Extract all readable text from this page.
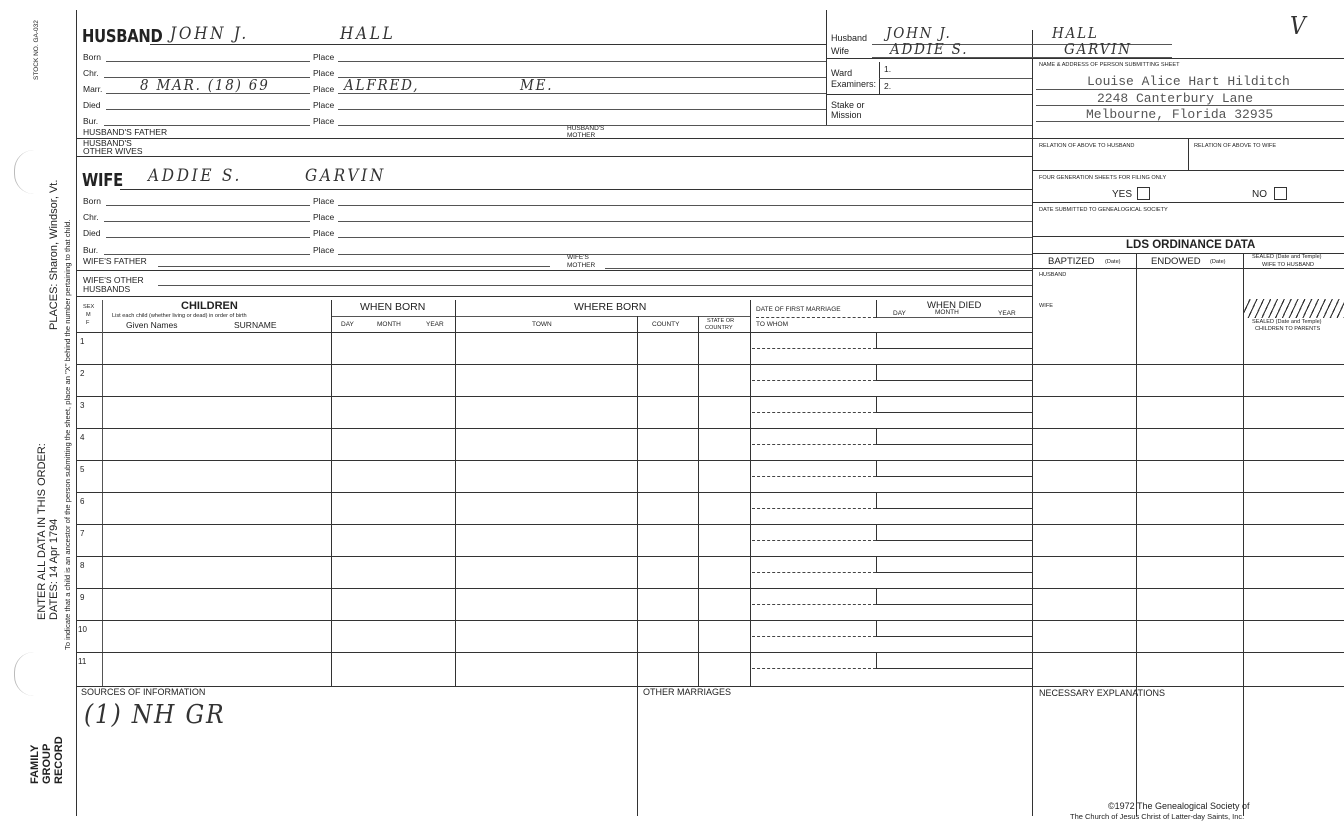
STOCK NO. GA-032
PLACES: Sharon, Windsor, Vt.
ENTER ALL DATA IN THIS ORDER: DATES: 14 Apr 1794 To indicate that a child is an ancestor of the person submitting the sheet, place an "X" behind the number pertaining to that child.
FAMILY GROUP RECORD
HUSBAND JOHN J.	HALL
Born	Place
Chr.	Place
Marr.	8 MAR. (18) 69	Place ALFRED,	ME.
Died	Place
Bur.	Place
HUSBAND'S FATHER	HUSBAND'S
MOTHER
HUSBAND'S
OTHER WIVES
WIFE ADDIE S.	GARVIN
Born	Place
Chr.	Place
Died	Place
Bur.	Place
WIFE'S FATHER	WIFE'S
MOTHER
WIFE'S OTHER
HUSBANDS
Husband JOHN J.	HALL	V
Wife	ADDIE S.	GARVIN
Ward	1.
Examiners: 2.
Stake or
Mission
NAME & ADDRESS OF PERSON SUBMITTING SHEET
Louise Alice Hart Hilditch
2248 Canterbury Lane
Melbourne, Florida 32935
RELATION OF ABOVE TO HUSBAND	RELATION OF ABOVE TO WIFE
FOUR GENERATION SHEETS FOR FILING ONLY
YES	NO
DATE SUBMITTED TO GENEALOGICAL SOCIETY
LDS ORDINANCE DATA
BAPTIZED (Date)	ENDOWED (Date)
SEALED (Date and Temple)
WIFE TO HUSBAND
HUSBAND
WIFE
SEALED (Date and Temple)
CHILDREN TO PARENTS
SEX
M
F
CHILDREN
List each child (whether living or dead) in order of birth
Given Names	SURNAME
WHEN BORN
DAY	MONTH	YEAR
WHERE BORN
TOWN	COUNTY	STATE OR
COUNTRY
DATE OF FIRST MARRIAGE
TO WHOM
WHEN DIED
DAY	MONTH	YEAR
1
2
3
4
5
6
7
8
9
10
11
SOURCES OF INFORMATION
(1) NH GR
OTHER MARRIAGES	NECESSARY EXPLANATIONS
©1972 The Genealogical Society of
The Church of Jesus Christ of Latter-day Saints, Inc.
